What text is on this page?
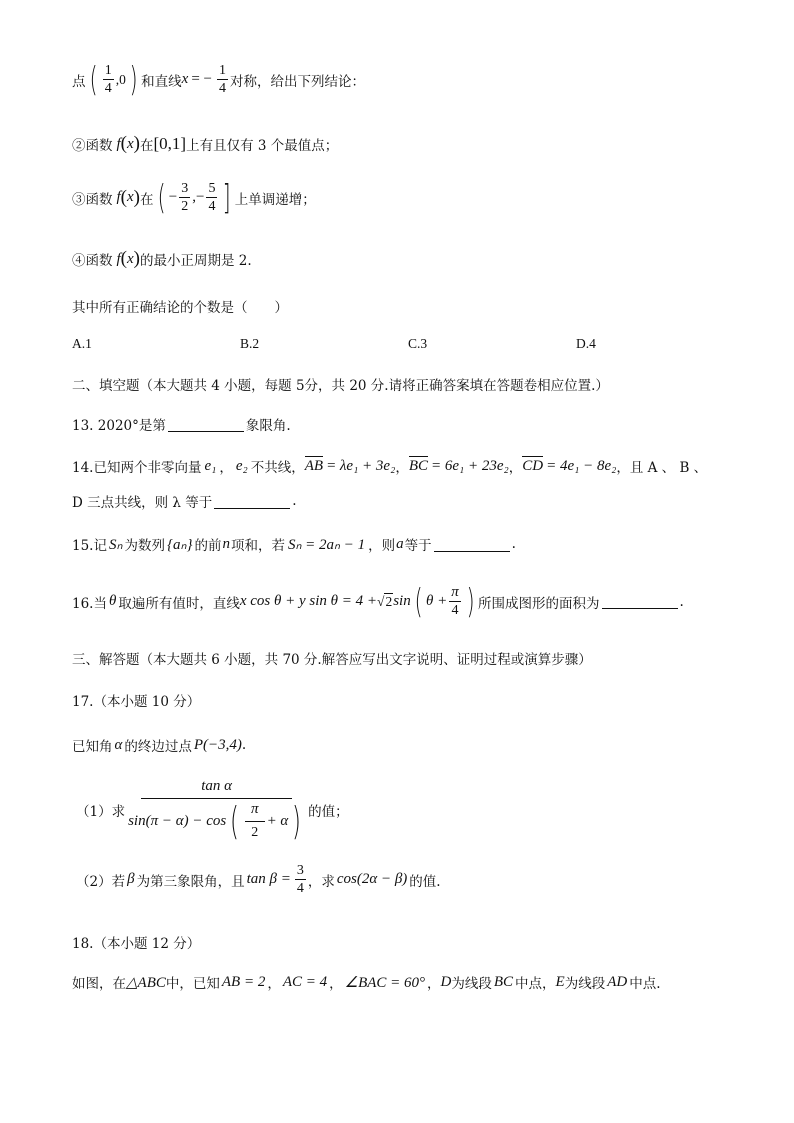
点 ( $\frac{1}{4}$ , 0 ) 和直线 x = − $\frac{1}{4}$ 对称，给出下列结论：
②函数 f ( x ) 在 [0,1] 上有且仅有 3 个最值点；
③函数 f ( x ) 在 ( − $\frac{3}{2}$ ,− $\frac{5}{4}$ ] 上单调递增；
④函数 f ( x ) 的最小正周期是 2.
其中所有正确结论的个数是（　　）
A.1	B.2	C.3	D.4
二、填空题（本大题共 4 小题，每题 5分，共 20 分.请将正确答案填在答题卷相应位置.）
13. 2020°是第	象限角.
14.已知两个非零向量 e₁ ， e₂ 不共线， AB = λe₁ + 3e₂ ， BC = 6e₁ + 23e₂ ， CD = 4e₁ − 8e₂ ，且 A 、 B 、
D 三点共线，则 λ 等于	.
15.记 Sₙ 为数列 {aₙ} 的前 n 项和，若 Sₙ = 2aₙ − 1 ，则 a 等于	.
16.当 θ 取遍所有值时，直线 x cos θ + y sin θ = 4 + √2 sin ( $\theta + \frac{\pi}{4}$ ) 所围成图形的面积为	.
三、解答题（本大题共 6 小题，共 70 分.解答应写出文字说明、证明过程或演算步骤）
17.（本小题 10 分）
已知角 α 的终边过点 P(−3,4) .
（1）求 $\frac{\text{tan α}}{\sin(\pi - \alpha) - \cos ( \frac{\pi}{2} + \alpha )}$ 的值；
（2）若 β 为第三象限角，且 $\tan \beta = \frac{3}{4}$ ，求 cos(2α − β) 的值.
18.（本小题 12 分）
如图，在 △ABC 中，已知 AB = 2 ， AC = 4 ， ∠BAC = 60° ， D 为线段 BC 中点， E 为线段 AD 中点.
